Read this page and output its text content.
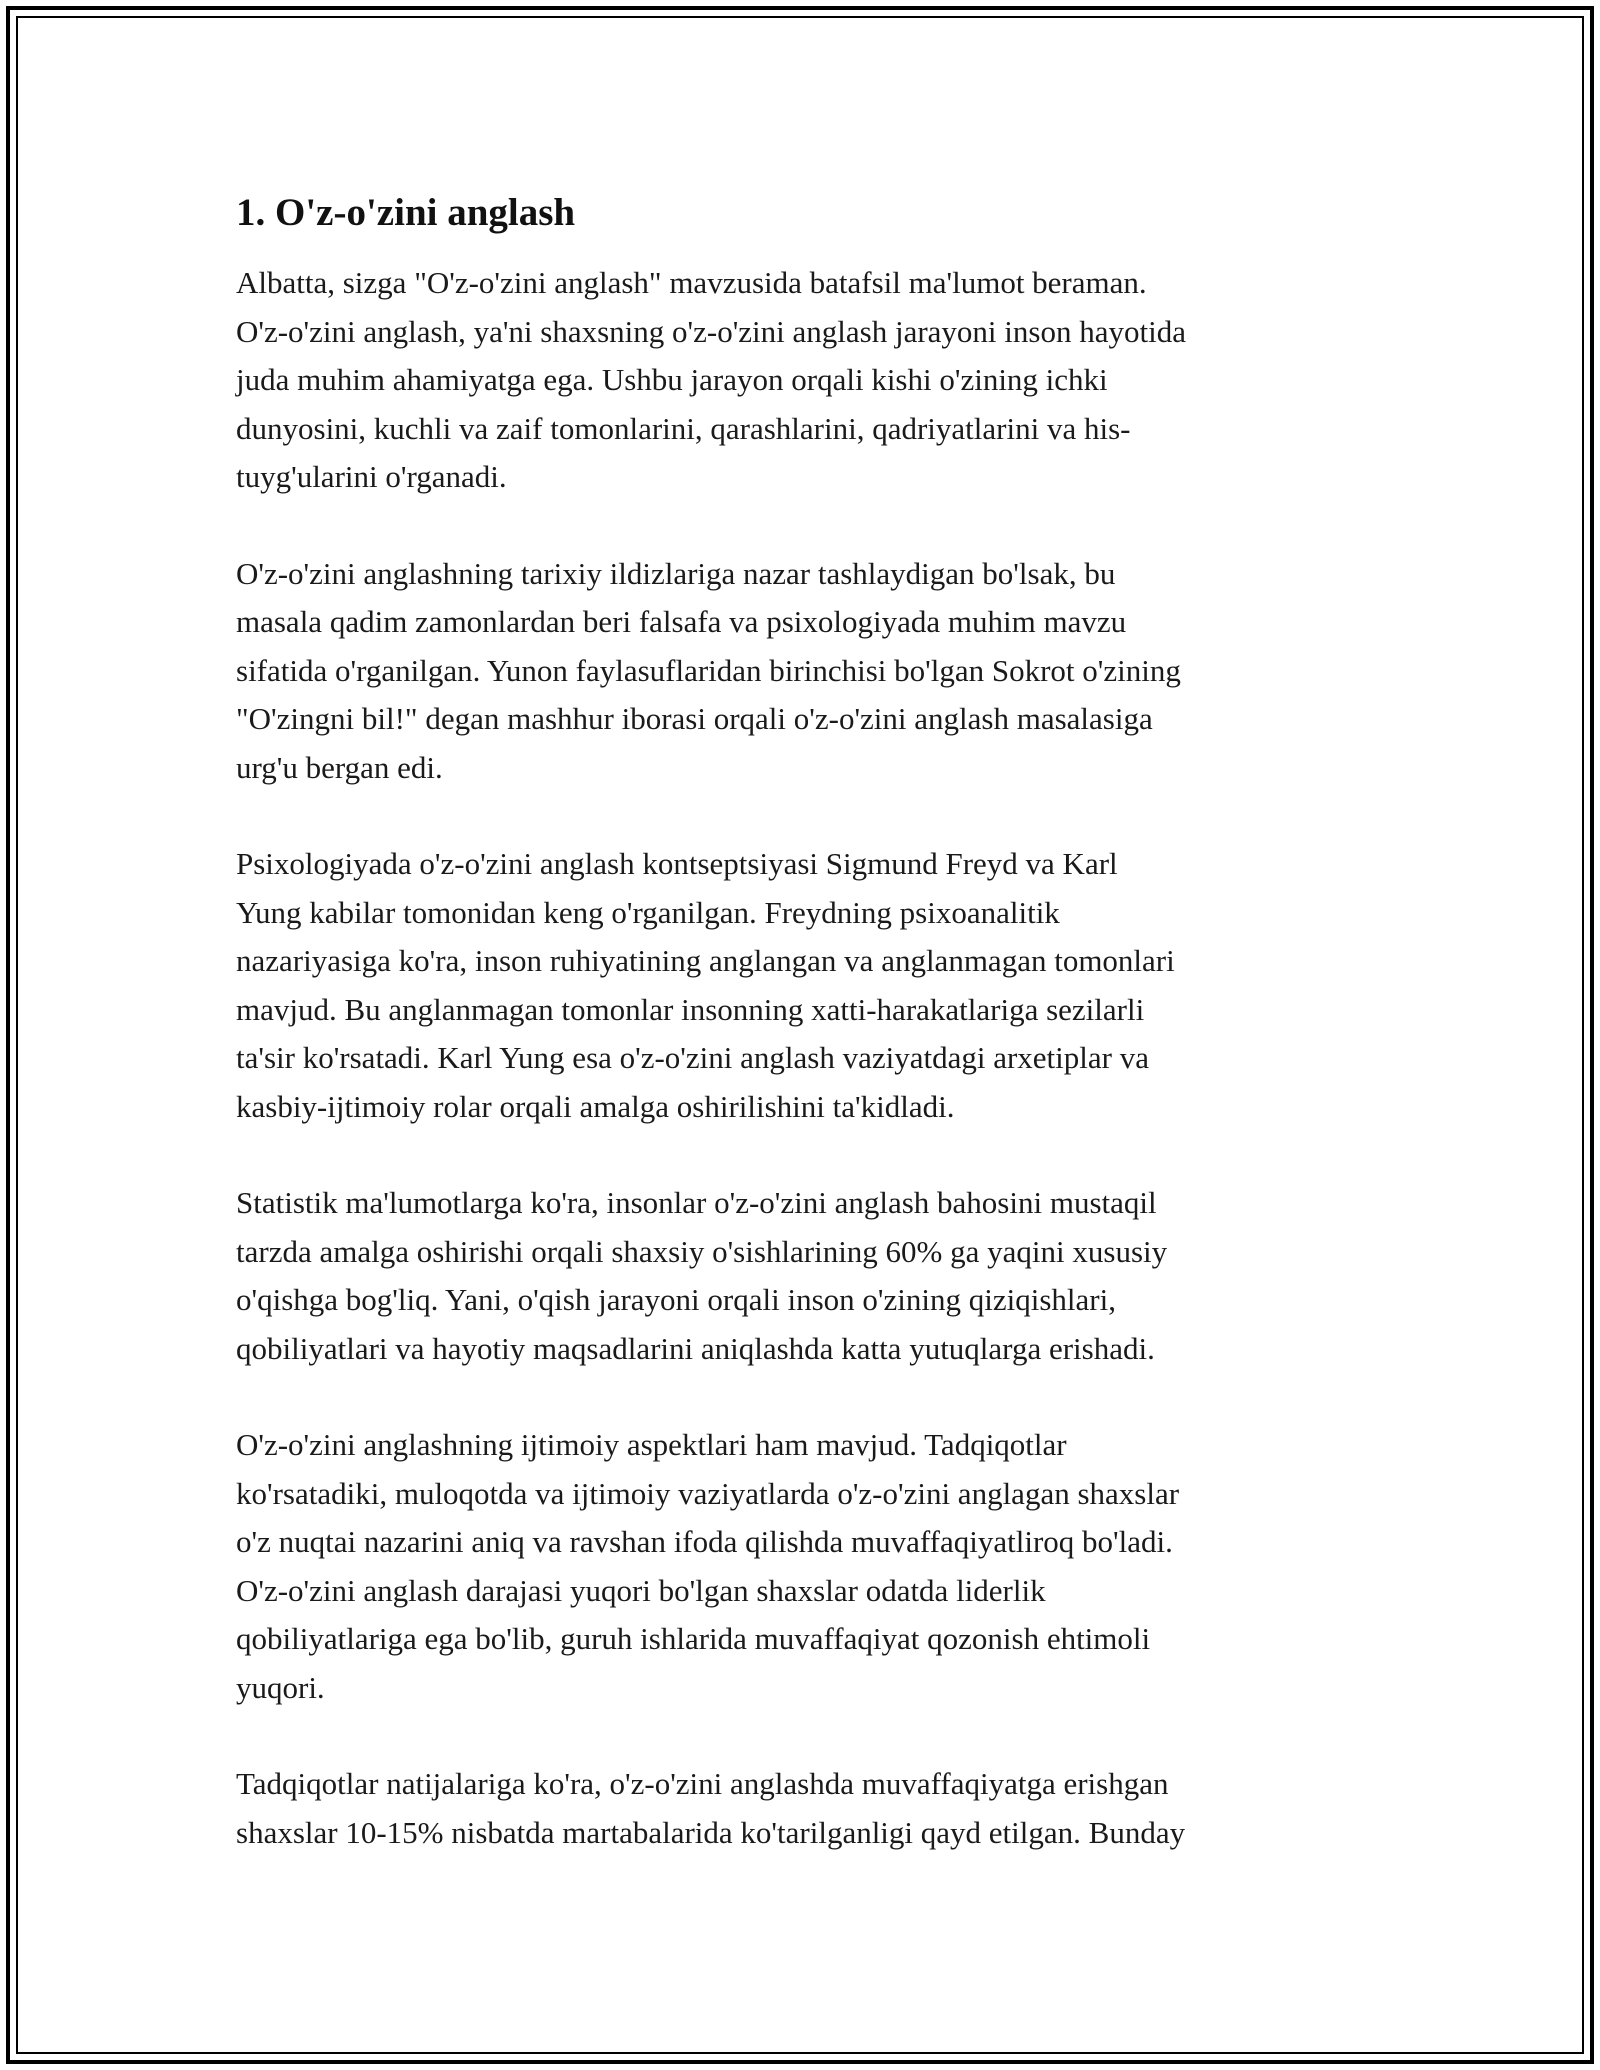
1. O'z-o'zini anglash

Albatta, sizga "O'z-o'zini anglash" mavzusida batafsil ma'lumot beraman.
O'z-o'zini anglash, ya'ni shaxsning o'z-o'zini anglash jarayoni inson hayotida
juda muhim ahamiyatga ega. Ushbu jarayon orqali kishi o'zining ichki
dunyosini, kuchli va zaif tomonlarini, qarashlarini, qadriyatlarini va his-
tuyg'ularini o'rganadi.

O'z-o'zini anglashning tarixiy ildizlariga nazar tashlaydigan bo'lsak, bu
masala qadim zamonlardan beri falsafa va psixologiyada muhim mavzu
sifatida o'rganilgan. Yunon faylasuflaridan birinchisi bo'lgan Sokrot o'zining
"O'zingni bil!" degan mashhur iborasi orqali o'z-o'zini anglash masalasiga
urg'u bergan edi.

Psixologiyada o'z-o'zini anglash kontseptsiyasi Sigmund Freyd va Karl
Yung kabilar tomonidan keng o'rganilgan. Freydning psixoanalitik
nazariyasiga ko'ra, inson ruhiyatining anglangan va anglanmagan tomonlari
mavjud. Bu anglanmagan tomonlar insonning xatti-harakatlariga sezilarli
ta'sir ko'rsatadi. Karl Yung esa o'z-o'zini anglash vaziyatdagi arxetiplar va
kasbiy-ijtimoiy rolar orqali amalga oshirilishini ta'kidladi.

Statistik ma'lumotlarga ko'ra, insonlar o'z-o'zini anglash bahosini mustaqil
tarzda amalga oshirishi orqali shaxsiy o'sishlarining 60% ga yaqini xususiy
o'qishga bog'liq. Yani, o'qish jarayoni orqali inson o'zining qiziqishlari,
qobiliyatlari va hayotiy maqsadlarini aniqlashda katta yutuqlarga erishadi.

O'z-o'zini anglashning ijtimoiy aspektlari ham mavjud. Tadqiqotlar
ko'rsatadiki, muloqotda va ijtimoiy vaziyatlarda o'z-o'zini anglagan shaxslar
o'z nuqtai nazarini aniq va ravshan ifoda qilishda muvaffaqiyatliroq bo'ladi.
O'z-o'zini anglash darajasi yuqori bo'lgan shaxslar odatda liderlik
qobiliyatlariga ega bo'lib, guruh ishlarida muvaffaqiyat qozonish ehtimoli
yuqori.

Tadqiqotlar natijalariga ko'ra, o'z-o'zini anglashda muvaffaqiyatga erishgan
shaxslar 10-15% nisbatda martabalarida ko'tarilganligi qayd etilgan. Bunday
